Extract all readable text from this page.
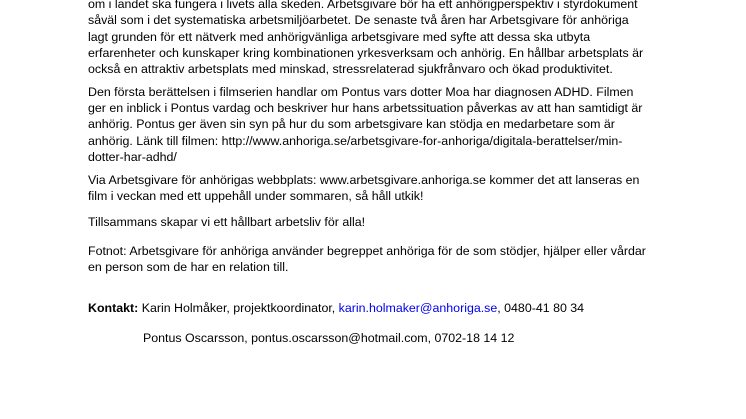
om i landet ska fungera i livets alla skeden. Arbetsgivare bör ha ett anhörigperspektiv i styrdokument
såväl som i det systematiska arbetsmiljöarbetet. De senaste två åren har Arbetsgivare för anhöriga
lagt grunden för ett nätverk med anhörigvänliga arbetsgivare med syfte att dessa ska utbyta
erfarenheter och kunskaper kring kombinationen yrkesverksam och anhörig. En hållbar arbetsplats är
också en attraktiv arbetsplats med minskad, stressrelaterad sjukfrånvaro och ökad produktivitet.
Den första berättelsen i filmserien handlar om Pontus vars dotter Moa har diagnosen ADHD. Filmen
ger en inblick i Pontus vardag och beskriver hur hans arbetssituation påverkas av att han samtidigt är
anhörig. Pontus ger även sin syn på hur du som arbetsgivare kan stödja en medarbetare som är
anhörig. Länk till filmen: http://www.anhoriga.se/arbetsgivare-for-anhoriga/digitala-berattelser/min-
dotter-har-adhd/
Via Arbetsgivare för anhörigas webbplats: www.arbetsgivare.anhoriga.se kommer det att lanseras en
film i veckan med ett uppehåll under sommaren, så håll utkik!
Tillsammans skapar vi ett hållbart arbetsliv för alla!
Fotnot: Arbetsgivare för anhöriga använder begreppet anhöriga för de som stödjer, hjälper eller vårdar
en person som de har en relation till.
Kontakt: Karin Holmåker, projektkoordinator, karin.holmaker@anhoriga.se, 0480-41 80 34
Pontus Oscarsson, pontus.oscarsson@hotmail.com, 0702-18 14 12
